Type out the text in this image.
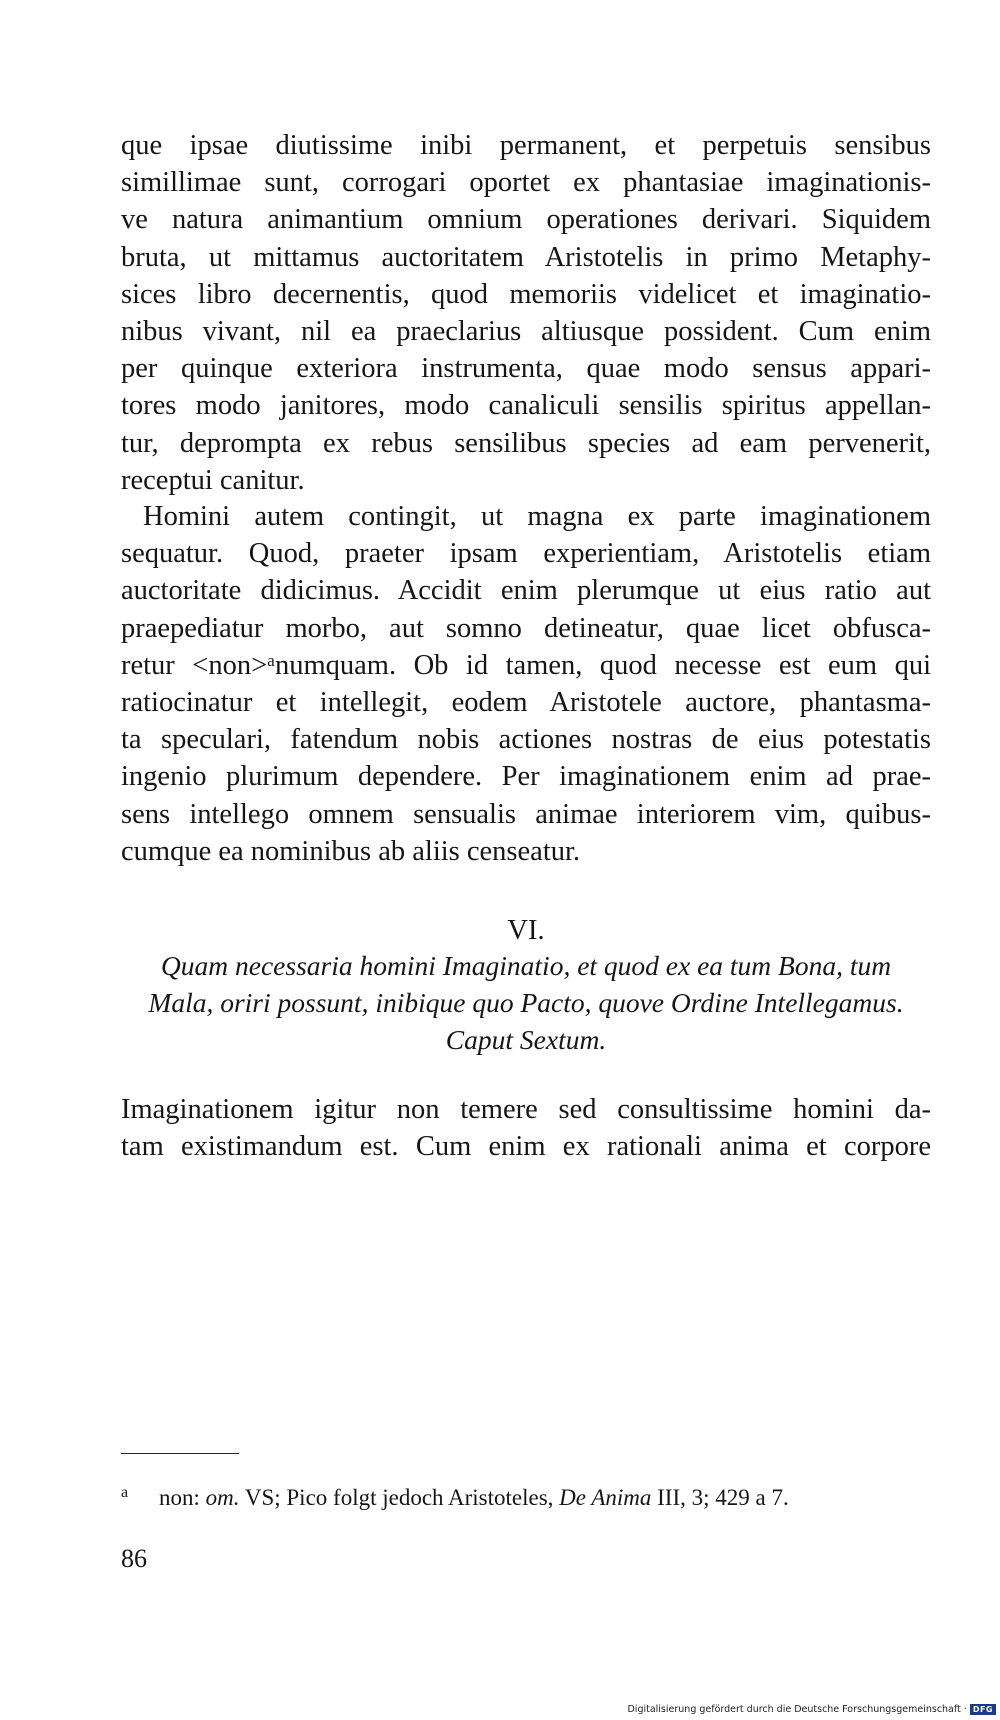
que ipsae diutissime inibi permanent, et perpetuis sensibus
simillimae sunt, corrogari oportet ex phantasiae imaginationis-
ve natura animantium omnium operationes derivari. Siquidem
bruta, ut mittamus auctoritatem Aristotelis in primo Metaphy-
sices libro decernentis, quod memoriis videlicet et imaginatio-
nibus vivant, nil ea praeclarius altiusque possident. Cum enim
per quinque exteriora instrumenta, quae modo sensus appari-
tores modo janitores, modo canaliculi sensilis spiritus appellan-
tur, deprompta ex rebus sensilibus species ad eam pervenerit,
receptui canitur.
Homini autem contingit, ut magna ex parte imaginationem
sequatur. Quod, praeter ipsam experientiam, Aristotelis etiam
auctoritate didicimus. Accidit enim plerumque ut eius ratio aut
praepediatur morbo, aut somno detineatur, quae licet obfusca-
retur <non>ᵃnumquam. Ob id tamen, quod necesse est eum qui
ratiocinatur et intellegit, eodem Aristotele auctore, phantasma-
ta speculari, fatendum nobis actiones nostras de eius potestatis
ingenio plurimum dependere. Per imaginationem enim ad prae-
sens intellego omnem sensualis animae interiorem vim, quibus-
cumque ea nominibus ab aliis censeatur.
VI.
Quam necessaria homini Imaginatio, et quod ex ea tum Bona, tum
Mala, oriri possunt, inibique quo Pacto, quove Ordine Intellegamus.
Caput Sextum.
Imaginationem igitur non temere sed consultissime homini da-
tam existimandum est. Cum enim ex rationali anima et corpore
a non: om. VS; Pico folgt jedoch Aristoteles, De Anima III, 3; 429 a 7.
86
Digitalisierung gefördert durch die Deutsche Forschungsgemeinschaft · DFG
